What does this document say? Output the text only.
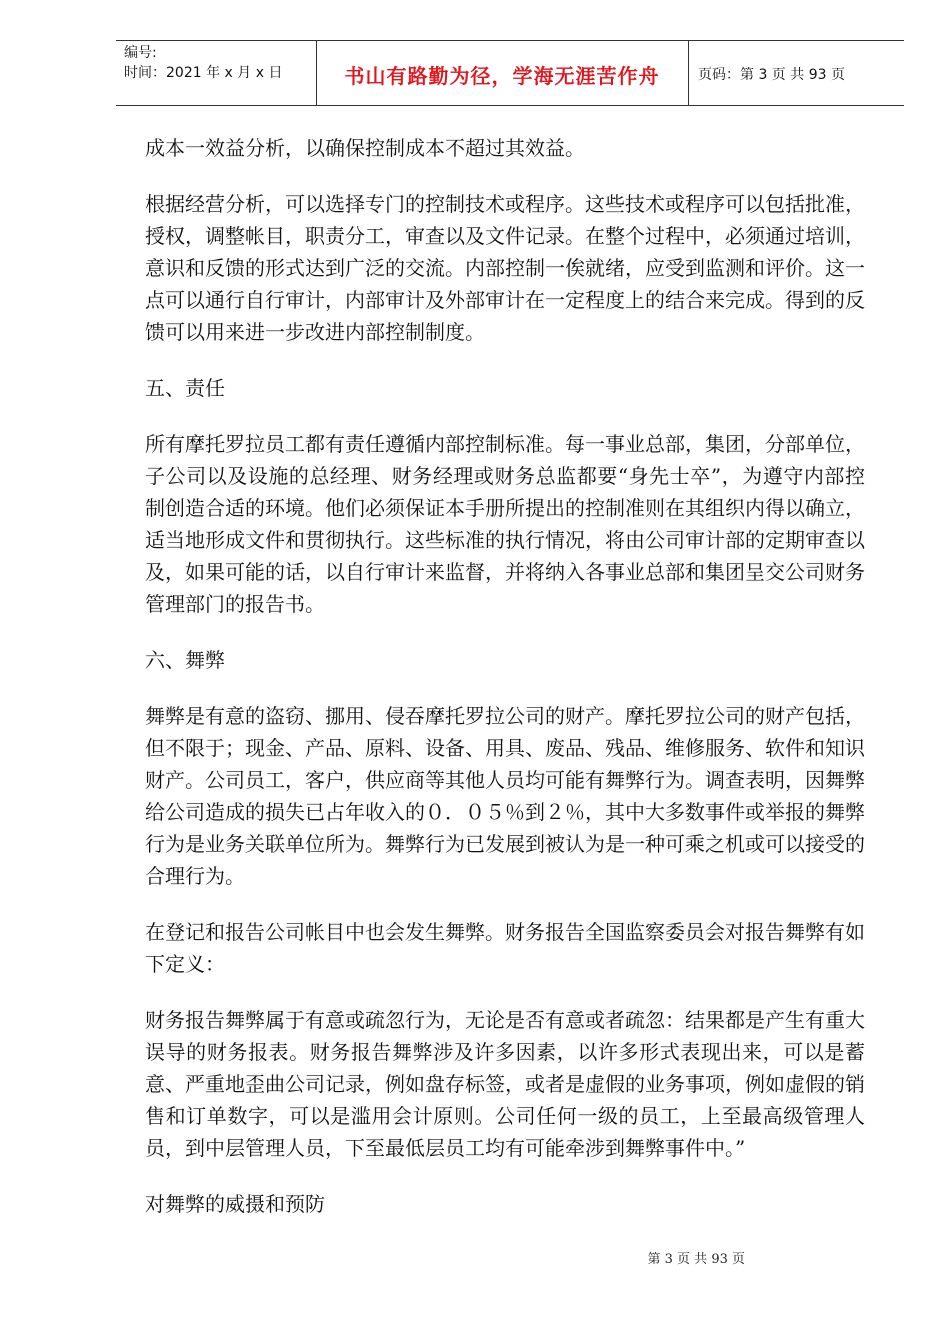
编号:
时间：2021 年 x 月 x 日	书山有路勤为径，学海无涯苦作舟	页码：第 3 页 共 93 页

成本一效益分析，以确保控制成本不超过其效益。

根据经营分析，可以选择专门的控制技术或程序。这些技术或程序可以包括批准，授权，调整帐目，职责分工，审查以及文件记录。在整个过程中，必须通过培训，意识和反馈的形式达到广泛的交流。内部控制一俟就绪，应受到监测和评价。这一点可以通行自行审计，内部审计及外部审计在一定程度上的结合来完成。得到的反馈可以用来进一步改进内部控制制度。

五、责任

所有摩托罗拉员工都有责任遵循内部控制标准。每一事业总部，集团，分部单位，子公司以及设施的总经理、财务经理或财务总监都要“身先士卒”，为遵守内部控制创造合适的环境。他们必须保证本手册所提出的控制准则在其组织内得以确立，适当地形成文件和贯彻执行。这些标准的执行情况，将由公司审计部的定期审查以及，如果可能的话，以自行审计来监督，并将纳入各事业总部和集团呈交公司财务管理部门的报告书。

六、舞弊

舞弊是有意的盗窃、挪用、侵吞摩托罗拉公司的财产。摩托罗拉公司的财产包括，但不限于；现金、产品、原料、设备、用具、废品、残品、维修服务、软件和知识财产。公司员工，客户，供应商等其他人员均可能有舞弊行为。调查表明，因舞弊给公司造成的损失已占年收入的０．０５％到２％，其中大多数事件或举报的舞弊行为是业务关联单位所为。舞弊行为已发展到被认为是一种可乘之机或可以接受的合理行为。

在登记和报告公司帐目中也会发生舞弊。财务报告全国监察委员会对报告舞弊有如下定义：

财务报告舞弊属于有意或疏忽行为，无论是否有意或者疏忽：结果都是产生有重大误导的财务报表。财务报告舞弊涉及许多因素，以许多形式表现出来，可以是蓄意、严重地歪曲公司记录，例如盘存标签，或者是虚假的业务事项，例如虚假的销售和订单数字，可以是滥用会计原则。公司任何一级的员工，上至最高级管理人员，到中层管理人员，下至最低层员工均有可能牵涉到舞弊事件中。”

对舞弊的威摄和预防

第 3 页 共 93 页
